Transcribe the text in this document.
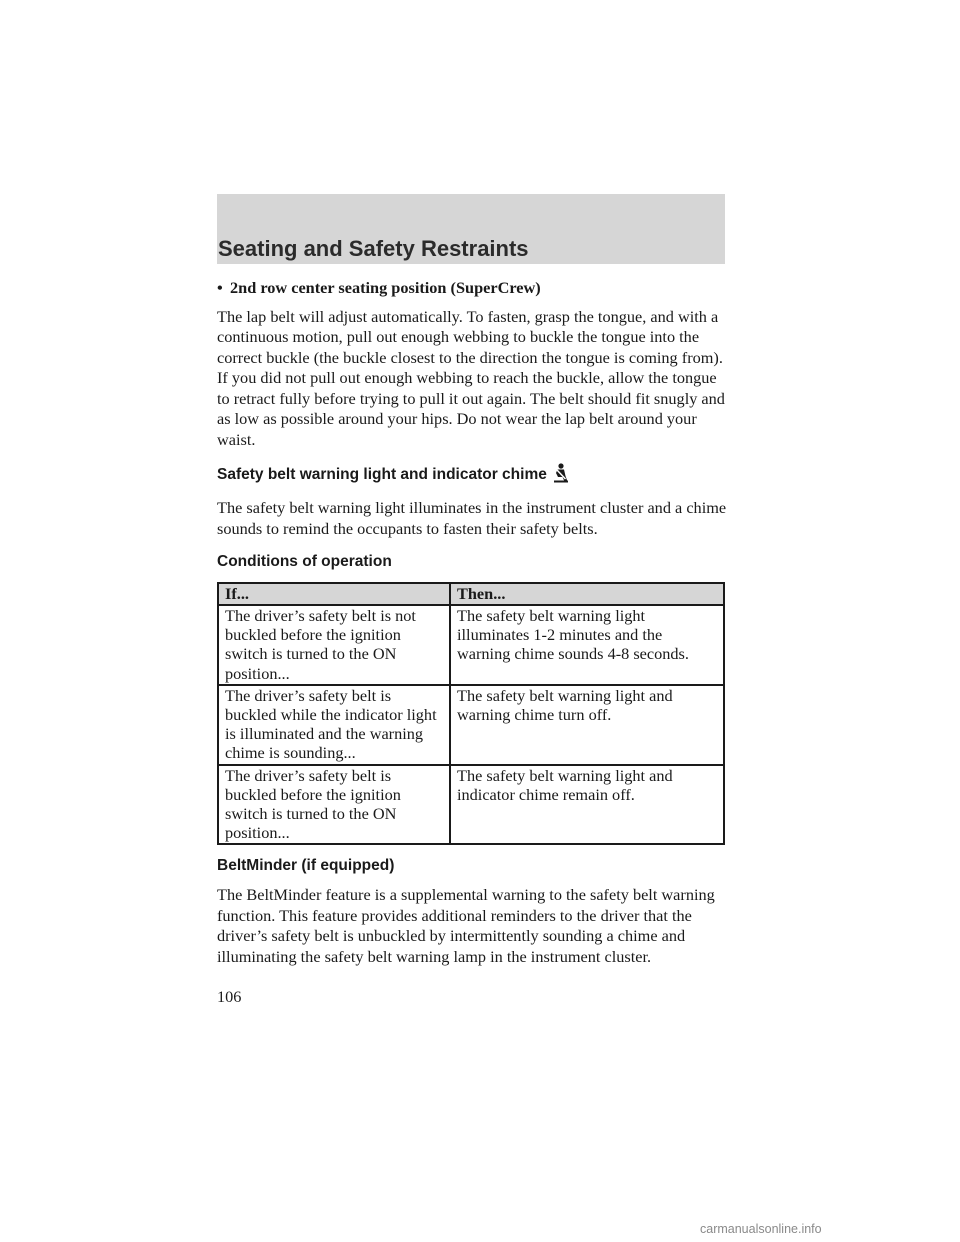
Seating and Safety Restraints
• 2nd row center seating position (SuperCrew)

The lap belt will adjust automatically. To fasten, grasp the tongue, and with a continuous motion, pull out enough webbing to buckle the tongue into the correct buckle (the buckle closest to the direction the tongue is coming from). If you did not pull out enough webbing to reach the buckle, allow the tongue to retract fully before trying to pull it out again. The belt should fit snugly and as low as possible around your hips. Do not wear the lap belt around your waist.

Safety belt warning light and indicator chime

The safety belt warning light illuminates in the instrument cluster and a chime sounds to remind the occupants to fasten their safety belts.

Conditions of operation
If...	Then...
The driver’s safety belt is not buckled before the ignition switch is turned to the ON position...	The safety belt warning light illuminates 1-2 minutes and the warning chime sounds 4-8 seconds.
The driver’s safety belt is buckled while the indicator light is illuminated and the warning chime is sounding...	The safety belt warning light and warning chime turn off.
The driver’s safety belt is buckled before the ignition switch is turned to the ON position...	The safety belt warning light and indicator chime remain off.
BeltMinder (if equipped)

The BeltMinder feature is a supplemental warning to the safety belt warning function. This feature provides additional reminders to the driver that the driver’s safety belt is unbuckled by intermittently sounding a chime and illuminating the safety belt warning lamp in the instrument cluster.

106
carmanualsonline.info
